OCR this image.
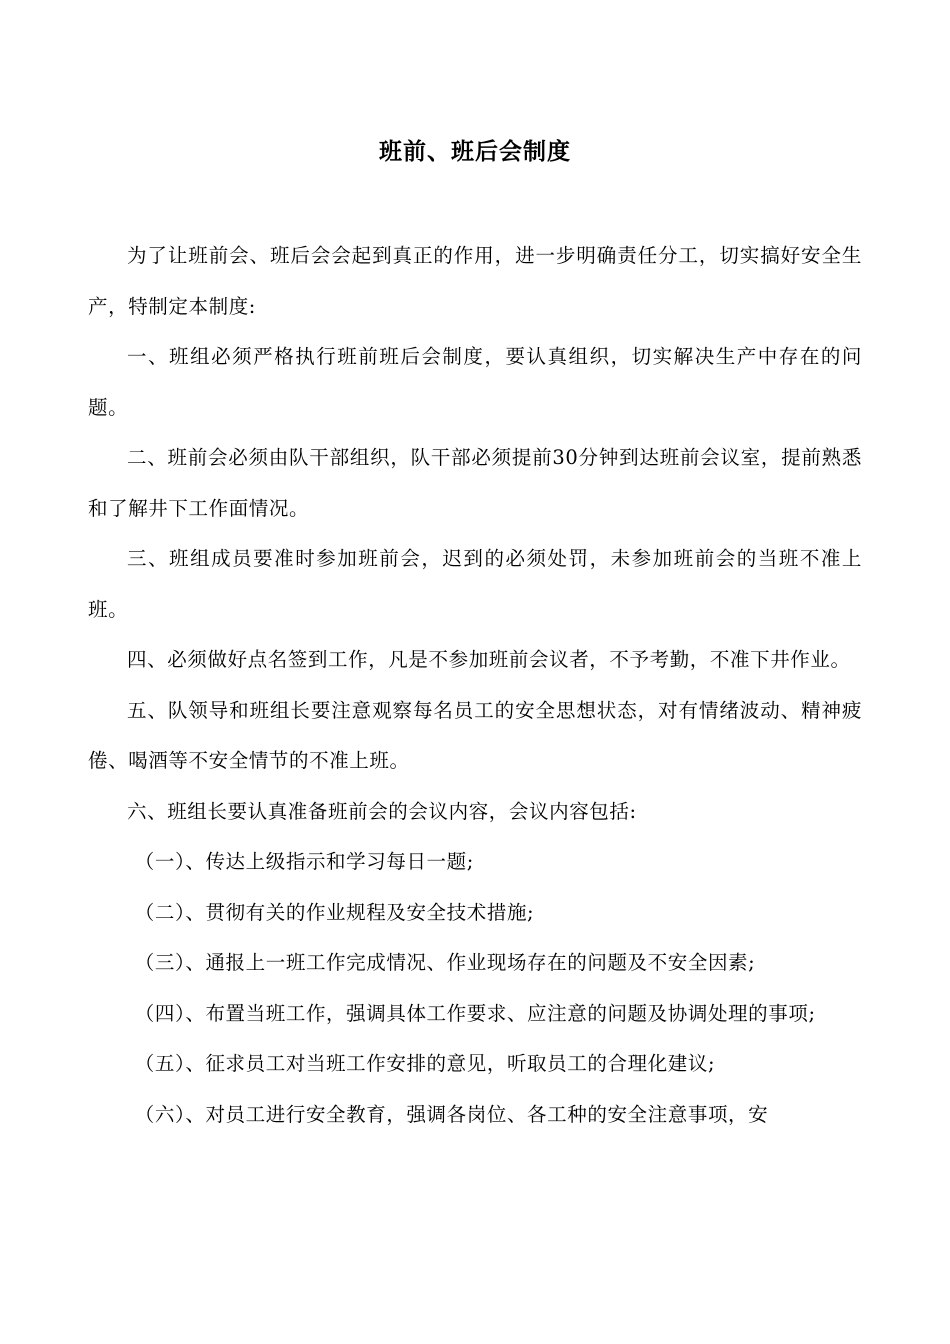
班前、班后会制度

为了让班前会、班后会会起到真正的作用，进一步明确责任分工，切实搞好安全生产，特制定本制度:

一、班组必须严格执行班前班后会制度，要认真组织，切实解决生产中存在的问题。

二、班前会必须由队干部组织，队干部必须提前30分钟到达班前会议室，提前熟悉和了解井下工作面情况。

三、班组成员要准时参加班前会，迟到的必须处罚，未参加班前会的当班不准上班。

四、必须做好点名签到工作，凡是不参加班前会议者，不予考勤，不准下井作业。

五、队领导和班组长要注意观察每名员工的安全思想状态，对有情绪波动、精神疲倦、喝酒等不安全情节的不准上班。

六、班组长要认真准备班前会的会议内容，会议内容包括:

（一）、传达上级指示和学习每日一题;

（二）、贯彻有关的作业规程及安全技术措施;

（三）、通报上一班工作完成情况、作业现场存在的问题及不安全因素;

（四）、布置当班工作，强调具体工作要求、应注意的问题及协调处理的事项;

（五）、征求员工对当班工作安排的意见，听取员工的合理化建议;

（六）、对员工进行安全教育，强调各岗位、各工种的安全注意事项，安
